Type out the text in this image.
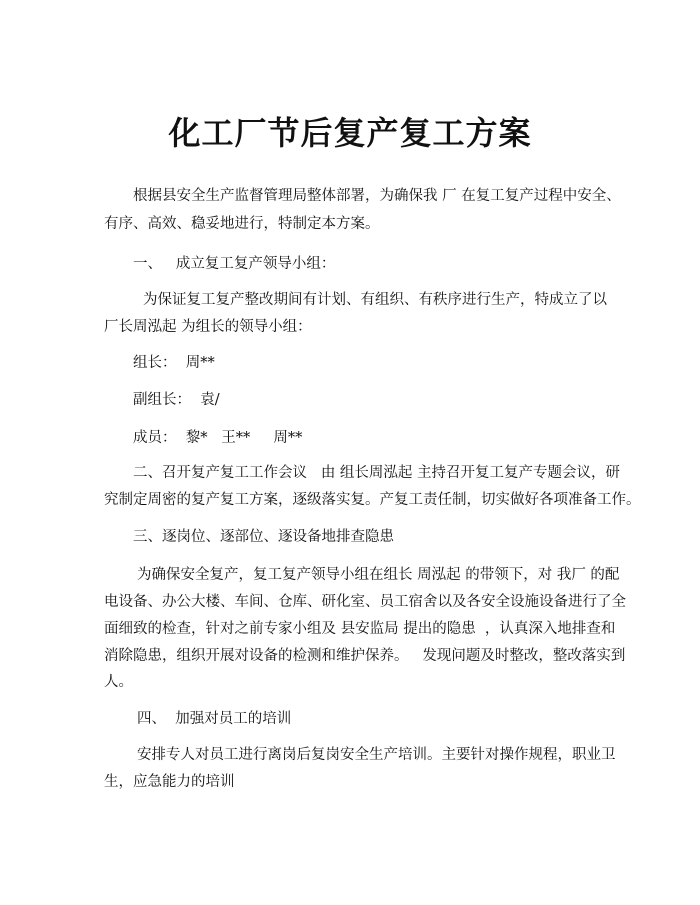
化工厂节后复产复工方案
根据县安全生产监督管理局整体部署，为确保我 厂 在复工复产过程中安全、
有序、高效、稳妥地进行，特制定本方案。
一、   成立复工复产领导小组：
为保证复工复产整改期间有计划、有组织、有秩序进行生产，特成立了以
厂长周泓起 为组长的领导小组：
组长：  周**
副组长：  袁/
成员：  黎*   王**     周**
二、召开复产复工工作会议   由 组长周泓起 主持召开复工复产专题会议，研
究制定周密的复产复工方案，逐级落实复。产复工责任制，切实做好各项准备工作。
三、逐岗位、逐部位、逐设备地排查隐患
为确保安全复产，复工复产领导小组在组长 周泓起 的带领下，对 我厂 的配
电设备、办公大楼、车间、仓库、研化室、员工宿舍以及各安全设施设备进行了全
面细致的检查，针对之前专家小组及 县安监局 提出的隐患  ，认真深入地排查和
消除隐患，组织开展对设备的检测和维护保养。   发现问题及时整改，整改落实到
人。
四、  加强对员工的培训
安排专人对员工进行离岗后复岗安全生产培训。主要针对操作规程，职业卫
生，应急能力的培训
